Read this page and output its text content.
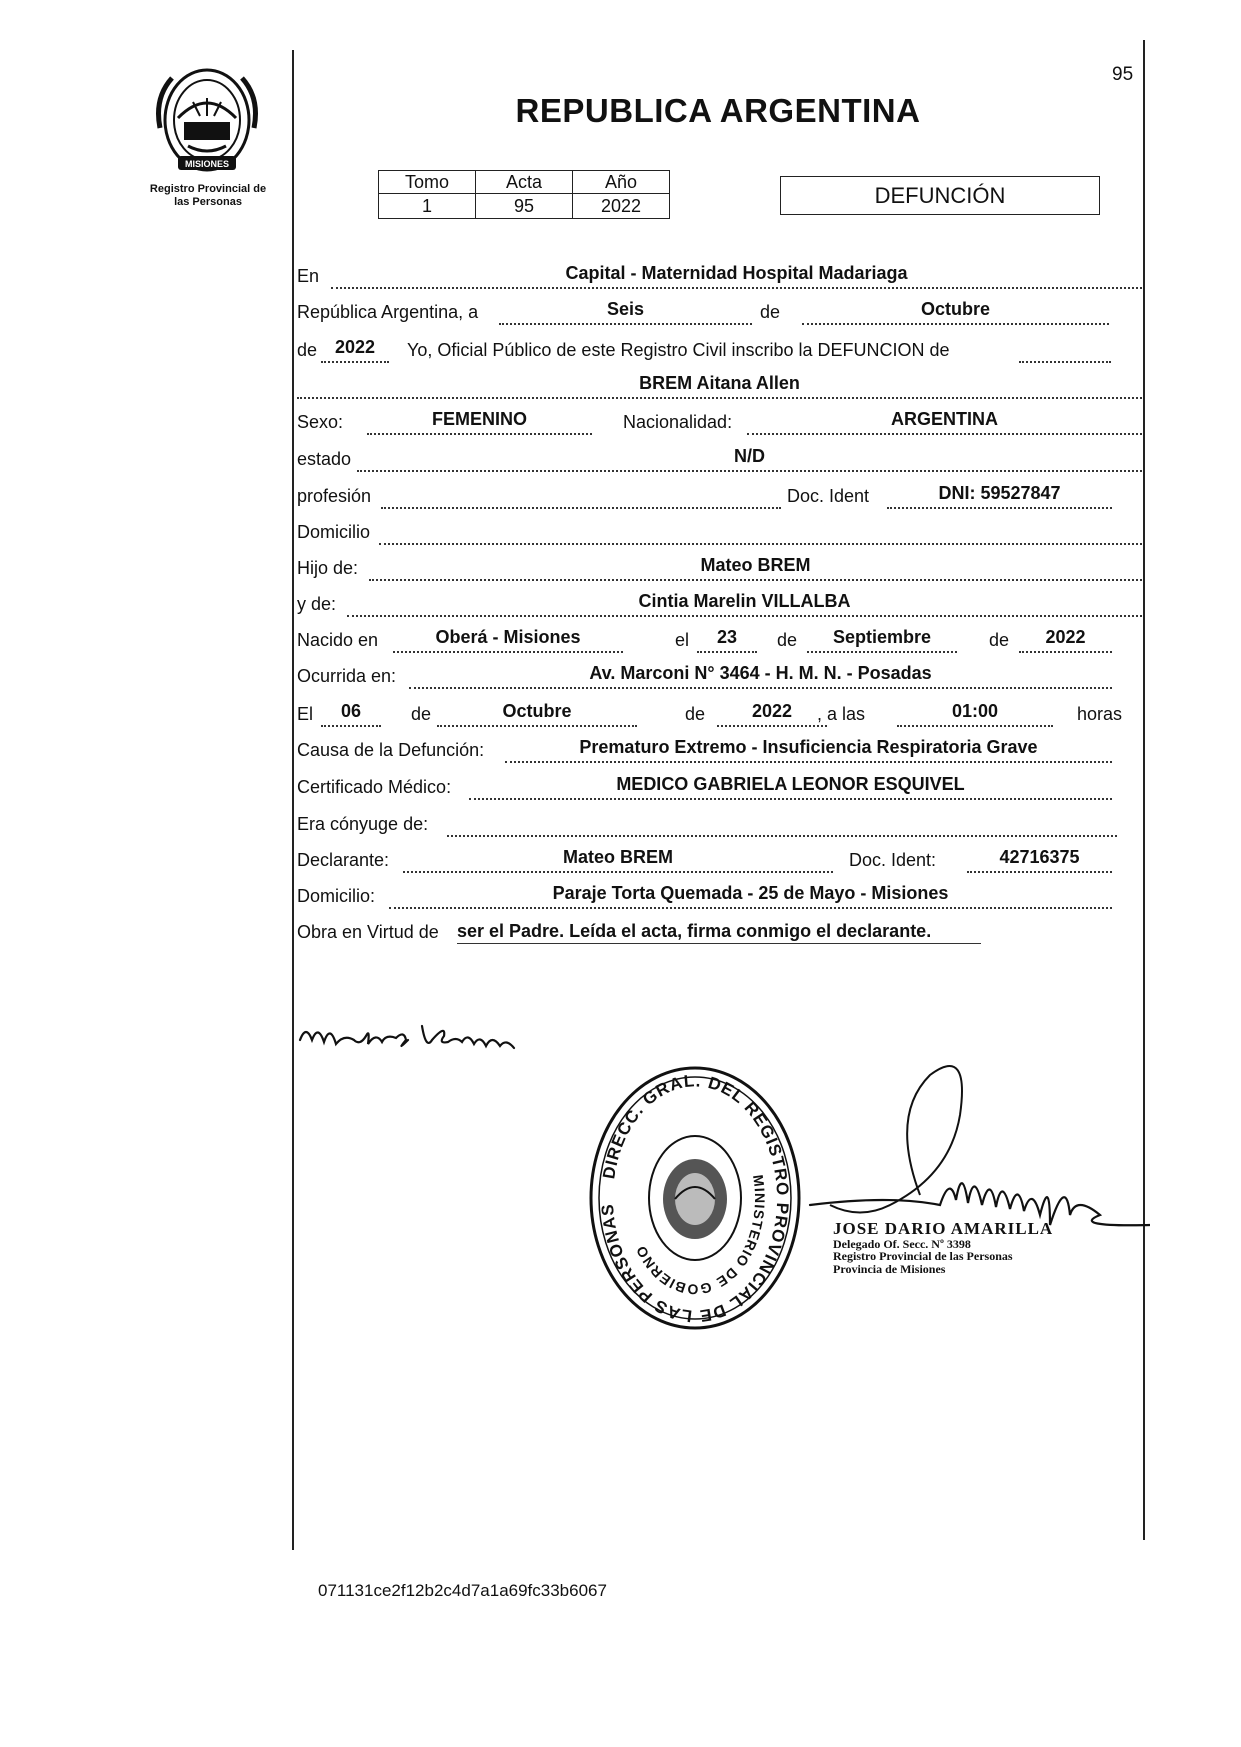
MISIONES
Registro Provincial de
las Personas
95
REPUBLICA ARGENTINA
Tomo	Acta	Año
1	95	2022	DEFUNCIÓN
En	Capital - Maternidad Hospital Madariaga
República Argentina, a	Seis	de	Octubre
de 2022	Yo, Oficial Público de este Registro Civil inscribo la DEFUNCION de
BREM Aitana Allen
Sexo:	FEMENINO	Nacionalidad:	ARGENTINA
estado	N/D
profesión	Doc. Ident	DNI: 59527847
Domicilio
Hijo de:	Mateo BREM
y de:	Cintia Marelin VILLALBA
Nacido en	Oberá - Misiones	el	23	de	Septiembre	de	2022
Ocurrida en:	Av. Marconi N° 3464 - H. M. N. - Posadas
El	06	de	Octubre	de	2022	, a las	01:00	horas
Causa de la Defunción:	Prematuro Extremo - Insuficiencia Respiratoria Grave
Certificado Médico:	MEDICO GABRIELA LEONOR ESQUIVEL
Era cónyuge de:
Declarante:	Mateo BREM	Doc. Ident:	42716375
Domicilio:	Paraje Torta Quemada - 25 de Mayo - Misiones
Obra en Virtud de ser el Padre. Leída el acta, firma conmigo el declarante.
DIRECC. GRAL. DEL REGISTRO PROVINCIAL DE LAS PERSONAS
MINISTERIO DE GOBIERNO
JOSE DARIO AMARILLA
Delegado Of. Secc. Nº 3398
Registro Provincial de las Personas
Provincia de Misiones
071131ce2f12b2c4d7a1a69fc33b6067
